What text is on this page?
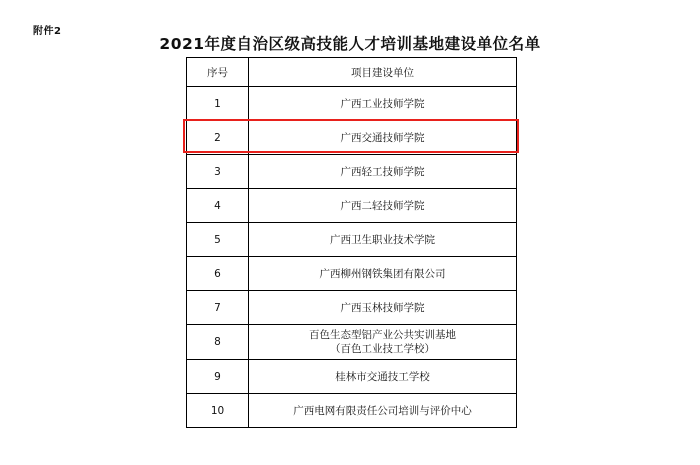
附件2
2021年度自治区级高技能人才培训基地建设单位名单
序号	项目建设单位
1	广西工业技师学院
2	广西交通技师学院
3	广西轻工技师学院
4	广西二轻技师学院
5	广西卫生职业技术学院
6	广西柳州钢铁集团有限公司
7	广西玉林技师学院
8	百色生态型铝产业公共实训基地
（百色工业技工学校）

9	桂林市交通技工学校
10	广西电网有限责任公司培训与评价中心
